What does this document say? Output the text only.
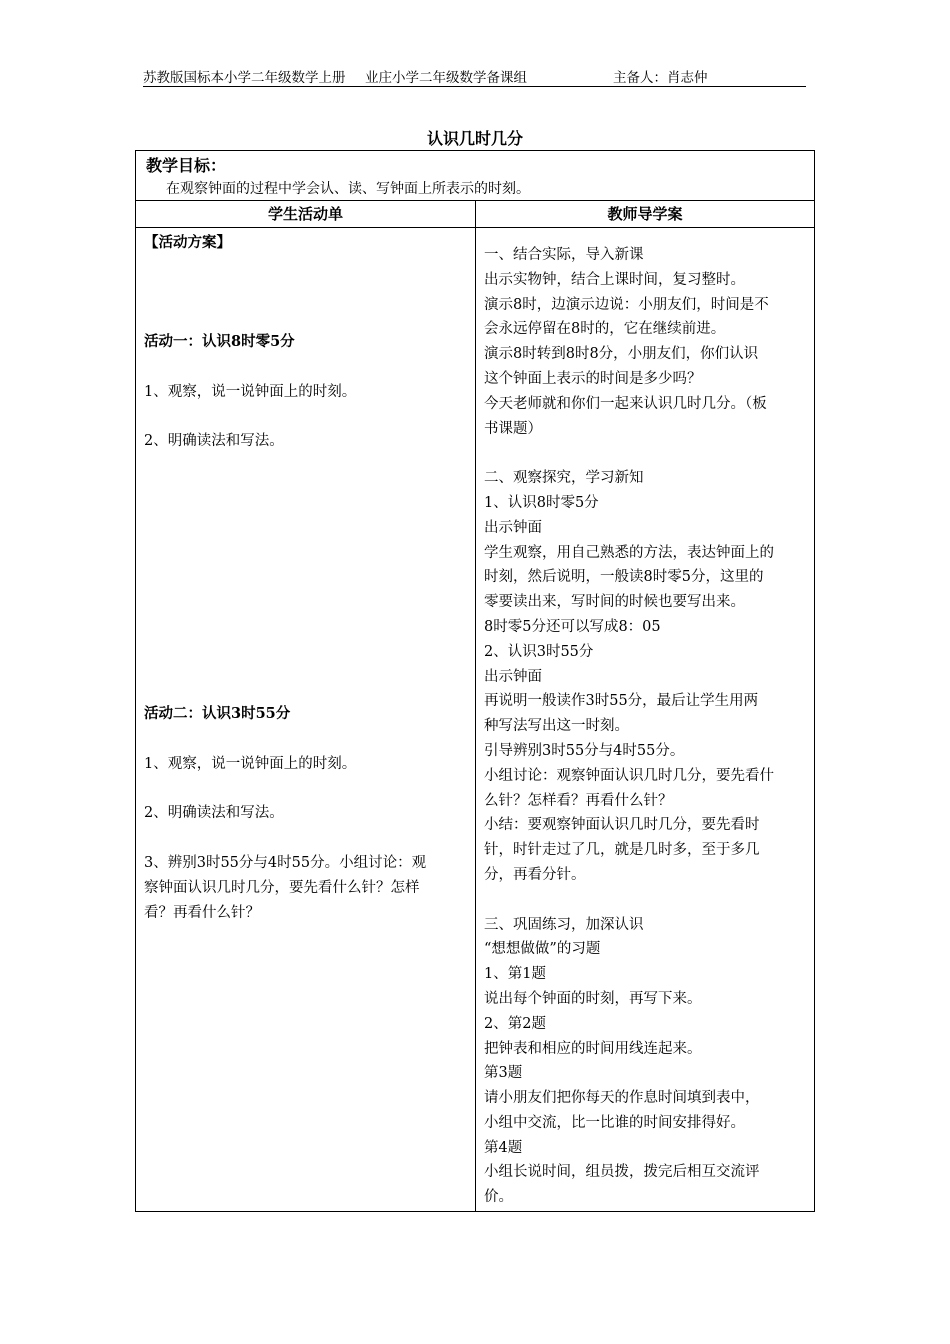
苏教版国标本小学二年级数学上册 业庄小学二年级数学备课组	主备人：肖志仲
认识几时几分
教学目标：
在观察钟面的过程中学会认、读、写钟面上所表示的时刻。
学生活动单	教师导学案
【活动方案】
活动一：认识8时零5分
1、观察，说一说钟面上的时刻。
2、明确读法和写法。
活动二：认识3时55分
1、观察，说一说钟面上的时刻。
2、明确读法和写法。
3、辨别3时55分与4时55分。小组讨论：观
察钟面认识几时几分，要先看什么针？怎样
看？再看什么针？
一、结合实际，导入新课
出示实物钟，结合上课时间，复习整时。
演示8时，边演示边说：小朋友们，时间是不
会永远停留在8时的，它在继续前进。
演示8时转到8时8分，小朋友们，你们认识
这个钟面上表示的时间是多少吗？
今天老师就和你们一起来认识几时几分。（板
书课题）
二、观察探究，学习新知
1、认识8时零5分
出示钟面
学生观察，用自己熟悉的方法，表达钟面上的
时刻，然后说明，一般读8时零5分，这里的
零要读出来，写时间的时候也要写出来。
8时零5分还可以写成8：05
2、认识3时55分
出示钟面
再说明一般读作3时55分，最后让学生用两
种写法写出这一时刻。
引导辨别3时55分与4时55分。
小组讨论：观察钟面认识几时几分，要先看什
么针？怎样看？再看什么针？
小结：要观察钟面认识几时几分，要先看时
针，时针走过了几，就是几时多，至于多几
分，再看分针。
三、巩固练习，加深认识
“想想做做”的习题
1、第1题
说出每个钟面的时刻，再写下来。
2、第2题
把钟表和相应的时间用线连起来。
第3题
请小朋友们把你每天的作息时间填到表中，
小组中交流，比一比谁的时间安排得好。
第4题
小组长说时间，组员拨，拨完后相互交流评
价。
